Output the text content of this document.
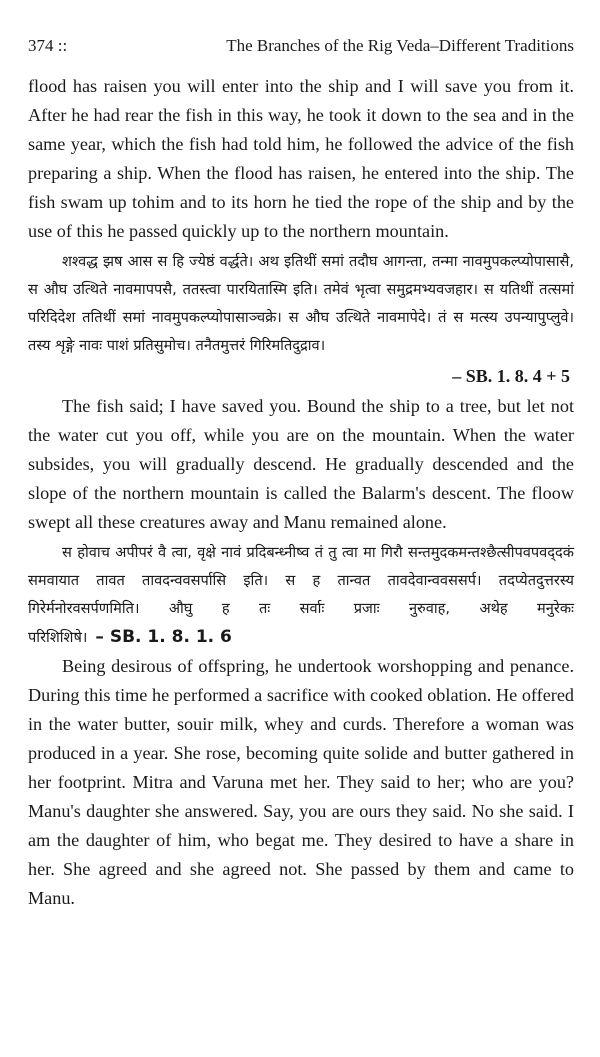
374 ::	The Branches of the Rig Veda–Different Traditions

flood has raisen you will enter into the ship and I will save you from it. After he had rear the fish in this way, he took it down to the sea and in the same year, which the fish had told him, he followed the advice of the fish preparing a ship. When the flood has raisen, he entered into the ship. The fish swam up tohim and to its horn he tied the rope of the ship and by the use of this he passed quickly up to the northern mountain.

शश्वद्ध झष आस स हि ज्येष्ठं वर्द्धते। अथ इतिथीं समां तदौघ आगन्ता, तन्मा नावमुपकल्प्योपासासै, स औघ उत्थिते नावमापपसै, ततस्त्वा पारयितास्मि इति। तमेवं भृत्वा समुद्रमभ्यवजहार। स यतिथीं तत्समां परिदिदेश ततिथीं समां नावमुपकल्प्योपासाञ्चक्रे। स औघ उत्थिते नावमापेदे। तं स मत्स्य उपन्यापुप्लुवे। तस्य शृङ्गे नावः पाशं प्रतिसुमोच। तनैतमुत्तरं गिरिमतिदुद्राव।

– SB. 1. 8. 4 + 5

The fish said; I have saved you. Bound the ship to a tree, but let not the water cut you off, while you are on the mountain. When the water subsides, you will gradually descend. He gradually descended and the slope of the northern mountain is called the Balarm's descent. The floow swept all these creatures away and Manu remained alone.

स होवाच अपीपरं वै त्वा, वृक्षे नावं प्रदिबन्ध्नीष्व तं तु त्वा मा गिरौ सन्तमुदकमन्तश्छैत्सीपवपवद्‌दकं समवायात तावत तावदन्ववसर्पासि इति। स ह तान्वत तावदेवान्ववससर्प। तदप्येतदुत्तरस्य गिरेर्मनोरवसर्पणमिति। औघु ह तः सर्वाः प्रजाः नुरुवाह, अथेह मनुरेकः परिशिशिषे। – SB. 1. 8. 1. 6

Being desirous of offspring, he undertook worshopping and penance. During this time he performed a sacrifice with cooked oblation. He offered in the water butter, souir milk, whey and curds. Therefore a woman was produced in a year. She rose, becoming quite solide and butter gathered in her footprint. Mitra and Varuna met her. They said to her; who are you? Manu's daughter she answered. Say, you are ours they said. No she said. I am the daughter of him, who begat me. They desired to have a share in her. She agreed and she agreed not. She passed by them and came to Manu.
